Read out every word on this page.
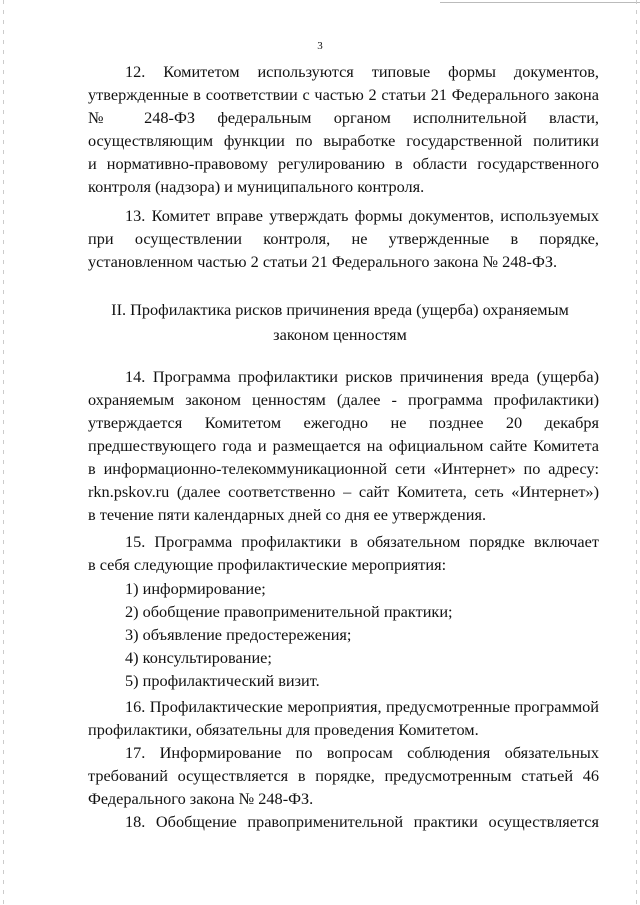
3
12. Комитетом используются типовые формы документов,
утвержденные в соответствии с частью 2 статьи 21 Федерального закона
№ 248-ФЗ федеральным органом исполнительной власти,
осуществляющим функции по выработке государственной политики
и нормативно-правовому регулированию в области государственного
контроля (надзора) и муниципального контроля.
13. Комитет вправе утверждать формы документов, используемых
при осуществлении контроля, не утвержденные в порядке,
установленном частью 2 статьи 21 Федерального закона № 248-ФЗ.
II. Профилактика рисков причинения вреда (ущерба) охраняемым
законом ценностям
14. Программа профилактики рисков причинения вреда (ущерба)
охраняемым законом ценностям (далее - программа профилактики)
утверждается Комитетом ежегодно не позднее 20 декабря
предшествующего года и размещается на официальном сайте Комитета
в информационно-телекоммуникационной сети «Интернет» по адресу:
rkn.pskov.ru (далее соответственно – сайт Комитета, сеть «Интернет»)
в течение пяти календарных дней со дня ее утверждения.
15. Программа профилактики в обязательном порядке включает
в себя следующие профилактические мероприятия:
1) информирование;
2) обобщение правоприменительной практики;
3) объявление предостережения;
4) консультирование;
5) профилактический визит.
16. Профилактические мероприятия, предусмотренные программой
профилактики, обязательны для проведения Комитетом.
17. Информирование по вопросам соблюдения обязательных
требований осуществляется в порядке, предусмотренным статьей 46
Федерального закона № 248-ФЗ.
18. Обобщение правоприменительной практики осуществляется
